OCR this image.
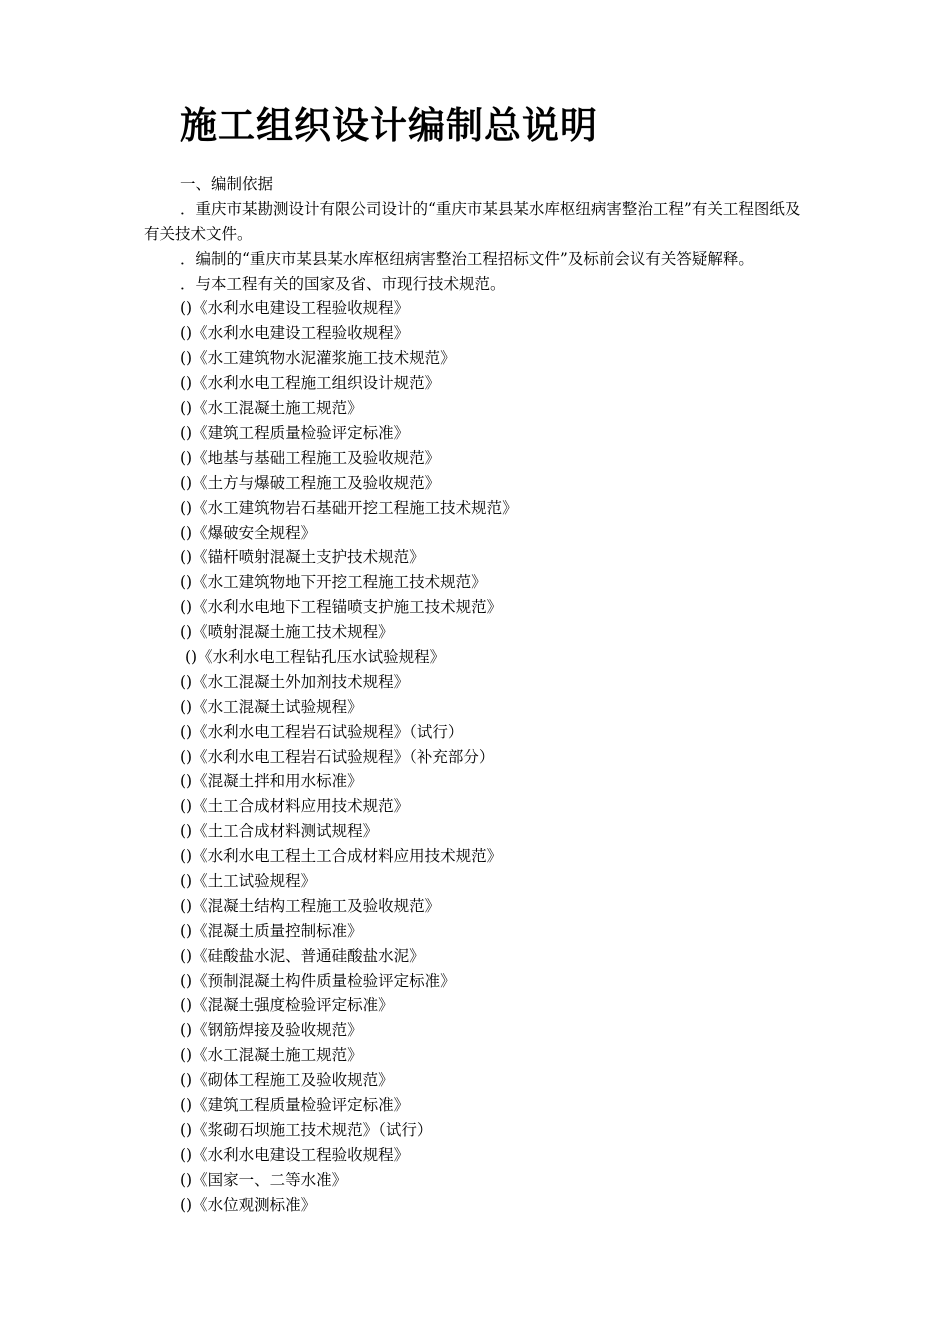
施工组织设计编制总说明
一、编制依据
．重庆市某勘测设计有限公司设计的“重庆市某县某水库枢纽病害整治工程”有关工程图纸及有关技术文件。
．编制的“重庆市某县某水库枢纽病害整治工程招标文件”及标前会议有关答疑解释。
．与本工程有关的国家及省、市现行技术规范。
()《水利水电建设工程验收规程》
()《水利水电建设工程验收规程》
()《水工建筑物水泥灌浆施工技术规范》
()《水利水电工程施工组织设计规范》
()《水工混凝土施工规范》
()《建筑工程质量检验评定标准》
()《地基与基础工程施工及验收规范》
()《土方与爆破工程施工及验收规范》
()《水工建筑物岩石基础开挖工程施工技术规范》
()《爆破安全规程》
()《锚杆喷射混凝土支护技术规范》
()《水工建筑物地下开挖工程施工技术规范》
()《水利水电地下工程锚喷支护施工技术规范》
()《喷射混凝土施工技术规程》
()《水利水电工程钻孔压水试验规程》
()《水工混凝土外加剂技术规程》
()《水工混凝土试验规程》
()《水利水电工程岩石试验规程》（试行）
()《水利水电工程岩石试验规程》（补充部分）
()《混凝土拌和用水标准》
()《土工合成材料应用技术规范》
()《土工合成材料测试规程》
()《水利水电工程土工合成材料应用技术规范》
()《土工试验规程》
()《混凝土结构工程施工及验收规范》
()《混凝土质量控制标准》
()《硅酸盐水泥、普通硅酸盐水泥》
()《预制混凝土构件质量检验评定标准》
()《混凝土强度检验评定标准》
()《钢筋焊接及验收规范》
()《水工混凝土施工规范》
()《砌体工程施工及验收规范》
()《建筑工程质量检验评定标准》
()《浆砌石坝施工技术规范》（试行）
()《水利水电建设工程验收规程》
()《国家一、二等水准》
()《水位观测标准》
